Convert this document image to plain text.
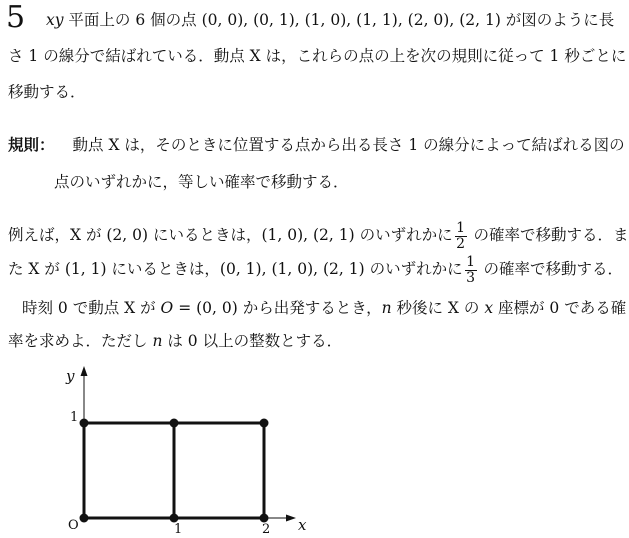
5 xy 平面上の 6 個の点 (0, 0), (0, 1), (1, 0), (1, 1), (2, 0), (2, 1) が図のように長
さ 1 の線分で結ばれている．動点 X は，これらの点の上を次の規則に従って 1 秒ごとに
移動する．
規則： 動点 X は，そのときに位置する点から出る長さ 1 の線分によって結ばれる図の
点のいずれかに，等しい確率で移動する．
例えば，X が (2, 0) にいるときは，(1, 0), (2, 1) のいずれかに $\frac{1}{2}$ の確率で移動する．ま
た X が (1, 1) にいるときは，(0, 1), (1, 0), (2, 1) のいずれかに $\frac{1}{3}$ の確率で移動する．
時刻 0 で動点 X が O = (0, 0) から出発するとき，n 秒後に X の x 座標が 0 である確
率を求めよ．ただし n は 0 以上の整数とする．
y
x
O
1
1	2
